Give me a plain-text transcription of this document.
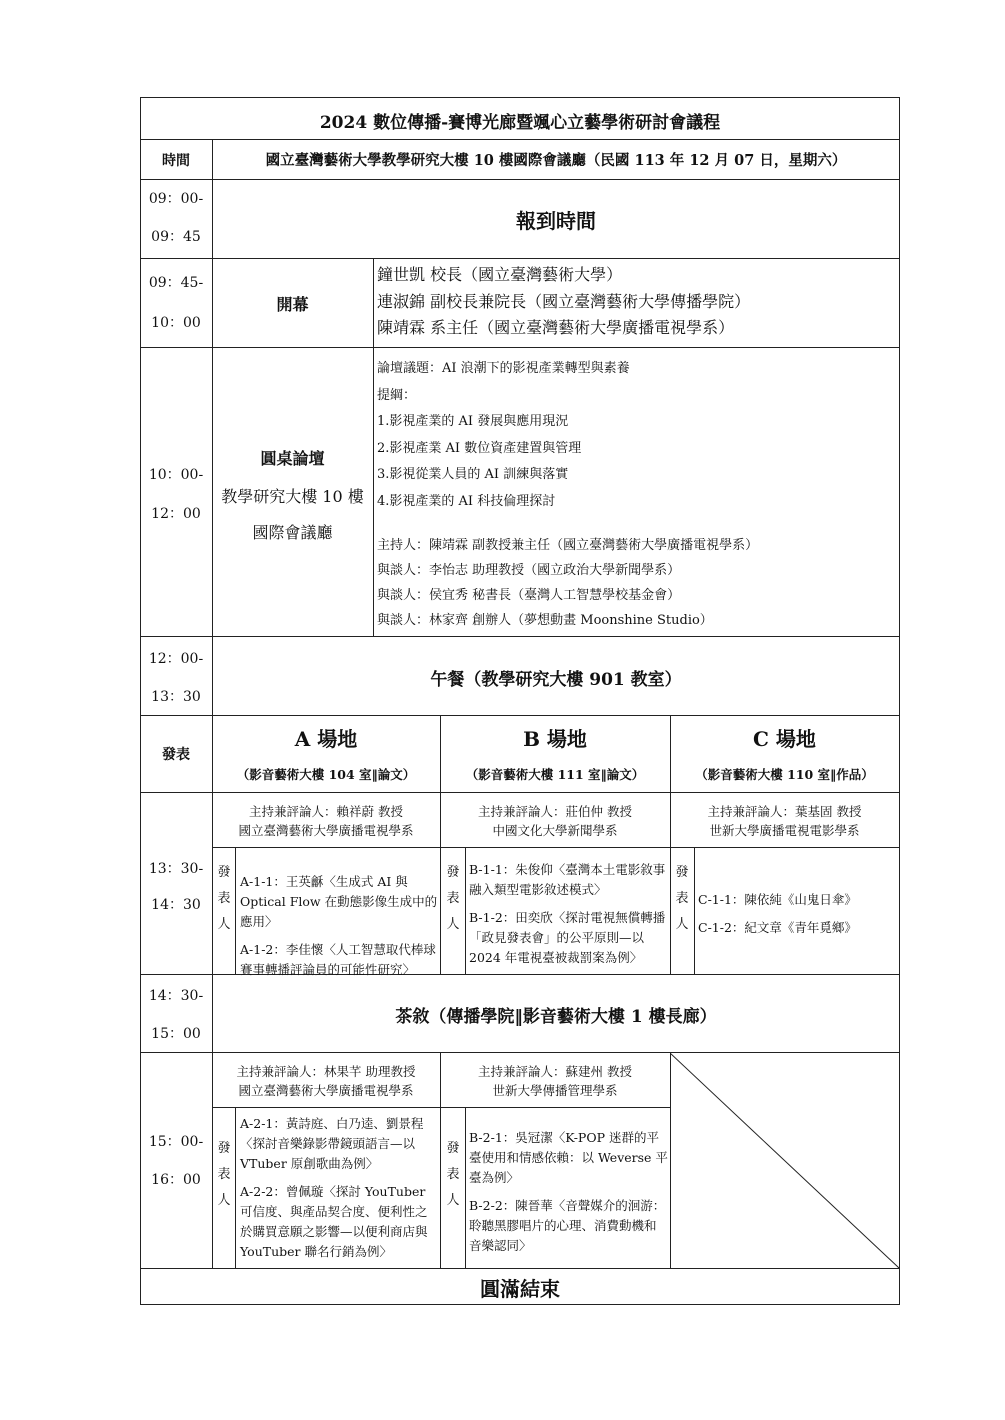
2024 數位傳播-賽博光廊暨颯心立藝學術研討會議程
時間	國立臺灣藝術大學教學研究大樓 10 樓國際會議廳（民國 113 年 12 月 07 日，星期六）
09：00-
09：45
報到時間
09：45-
10：00
開幕
鐘世凱 校長（國立臺灣藝術大學）
連淑錦 副校長兼院長（國立臺灣藝術大學傳播學院）
陳靖霖 系主任（國立臺灣藝術大學廣播電視學系）
10：00-
12：00
圓桌論壇
教學研究大樓 10 樓
國際會議廳
論壇議題：AI 浪潮下的影視產業轉型與素養
提綱：
1.影視產業的 AI 發展與應用現況
2.影視產業 AI 數位資產建置與管理
3.影視從業人員的 AI 訓練與落實
4.影視產業的 AI 科技倫理探討
主持人：陳靖霖 副教授兼主任（國立臺灣藝術大學廣播電視學系）
與談人：李怡志 助理教授（國立政治大學新聞學系）
與談人：侯宜秀 秘書長（臺灣人工智慧學校基金會）
與談人：林家齊 創辦人（夢想動畫 Moonshine Studio）
12：00-
13：30
午餐（教學研究大樓 901 教室）
發表
A 場地
（影音藝術大樓 104 室‖論文）
B 場地
（影音藝術大樓 111 室‖論文）
C 場地
（影音藝術大樓 110 室‖作品）
13：30-
14：30
主持兼評論人：賴祥蔚 教授
國立臺灣藝術大學廣播電視學系
主持兼評論人：莊伯仲 教授
中國文化大學新聞學系
主持兼評論人：葉基固 教授
世新大學廣播電視電影學系
發
表
人
發
表
人
發
表
人

A-1-1：王英龢〈生成式 AI 與 Optical Flow 在動態影像生成中的應用〉

A-1-2：李佳懷〈人工智慧取代棒球賽事轉播評論員的可能性研究〉

B-1-1：朱俊仰〈臺灣本土電影敘事融入類型電影敘述模式〉

B-1-2：田奕欣〈探討電視無償轉播「政見發表會」的公平原則—以 2024 年電視臺被裁罰案為例〉

C-1-1：陳依純《山鬼日傘》

C-1-2：紀文章《青年覓鄉》

14：30-
15：00
茶敘（傳播學院‖影音藝術大樓 1 樓長廊）
15：00-
16：00
主持兼評論人：林果芊 助理教授
國立臺灣藝術大學廣播電視學系
主持兼評論人：蘇建州 教授
世新大學傳播管理學系
發
表
人
發
表
人

A-2-1：黃詩庭、白乃逵、劉景程〈探討音樂錄影帶鏡頭語言—以 VTuber 原創歌曲為例〉

A-2-2：曾佩璇〈探討 YouTuber 可信度、與產品契合度、便利性之於購買意願之影響—以便利商店與 YouTuber 聯名行銷為例〉

B-2-1：吳冠潔〈K-POP 迷群的平臺使用和情感依賴：以 Weverse 平臺為例〉

B-2-2：陳晉華〈音聲媒介的洄游：聆聽黑膠唱片的心理、消費動機和音樂認同〉

圓滿結束
